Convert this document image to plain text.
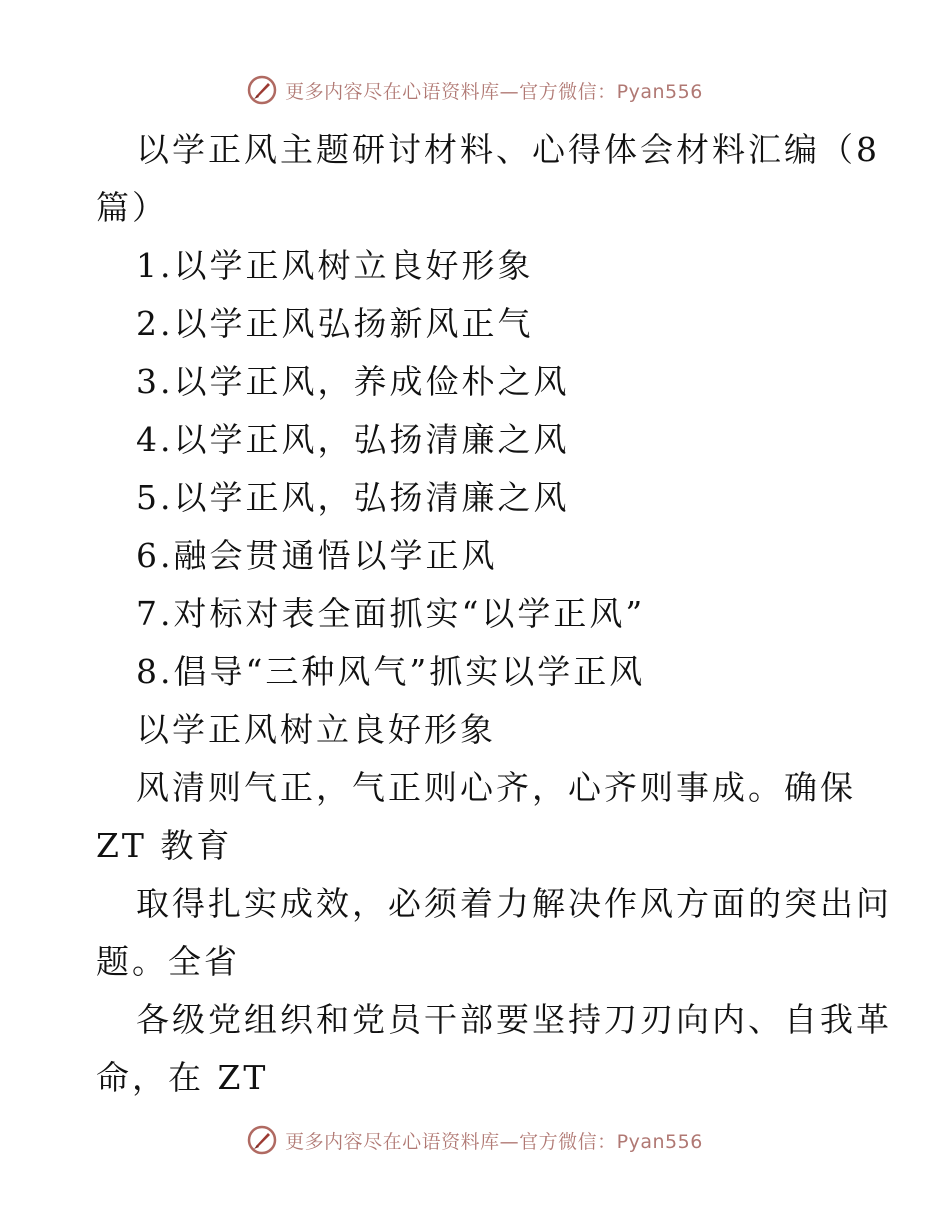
更多内容尽在心语资料库—官方微信：Pyan556
以学正风主题研讨材料、心得体会材料汇编（8
篇）
1.以学正风树立良好形象
2.以学正风弘扬新风正气
3.以学正风，养成俭朴之风
4.以学正风，弘扬清廉之风
5.以学正风，弘扬清廉之风
6.融会贯通悟以学正风
7.对标对表全面抓实“以学正风”
8.倡导“三种风气”抓实以学正风
以学正风树立良好形象
风清则气正，气正则心齐，心齐则事成。确保
ZT 教育
取得扎实成效，必须着力解决作风方面的突出问
题。全省
各级党组织和党员干部要坚持刀刃向内、自我革
命，在 ZT
更多内容尽在心语资料库—官方微信：Pyan556
